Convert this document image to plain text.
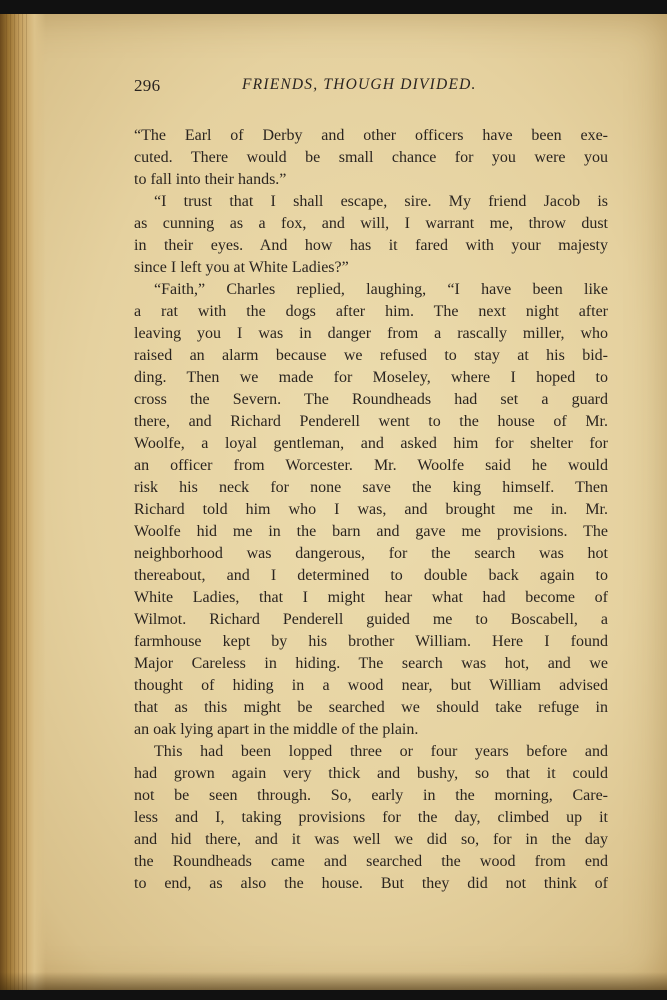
296	FRIENDS, THOUGH DIVIDED.
“The Earl of Derby and other officers have been exe-
cuted. There would be small chance for you were you
to fall into their hands.”
“I trust that I shall escape, sire. My friend Jacob is
as cunning as a fox, and will, I warrant me, throw dust
in their eyes. And how has it fared with your majesty
since I left you at White Ladies?”
“Faith,” Charles replied, laughing, “I have been like
a rat with the dogs after him. The next night after
leaving you I was in danger from a rascally miller, who
raised an alarm because we refused to stay at his bid-
ding. Then we made for Moseley, where I hoped to
cross the Severn. The Roundheads had set a guard
there, and Richard Penderell went to the house of Mr.
Woolfe, a loyal gentleman, and asked him for shelter for
an officer from Worcester. Mr. Woolfe said he would
risk his neck for none save the king himself. Then
Richard told him who I was, and brought me in. Mr.
Woolfe hid me in the barn and gave me provisions. The
neighborhood was dangerous, for the search was hot
thereabout, and I determined to double back again to
White Ladies, that I might hear what had become of
Wilmot. Richard Penderell guided me to Boscabell, a
farmhouse kept by his brother William. Here I found
Major Careless in hiding. The search was hot, and we
thought of hiding in a wood near, but William advised
that as this might be searched we should take refuge in
an oak lying apart in the middle of the plain.
This had been lopped three or four years before and
had grown again very thick and bushy, so that it could
not be seen through. So, early in the morning, Care-
less and I, taking provisions for the day, climbed up it
and hid there, and it was well we did so, for in the day
the Roundheads came and searched the wood from end
to end, as also the house. But they did not think of
